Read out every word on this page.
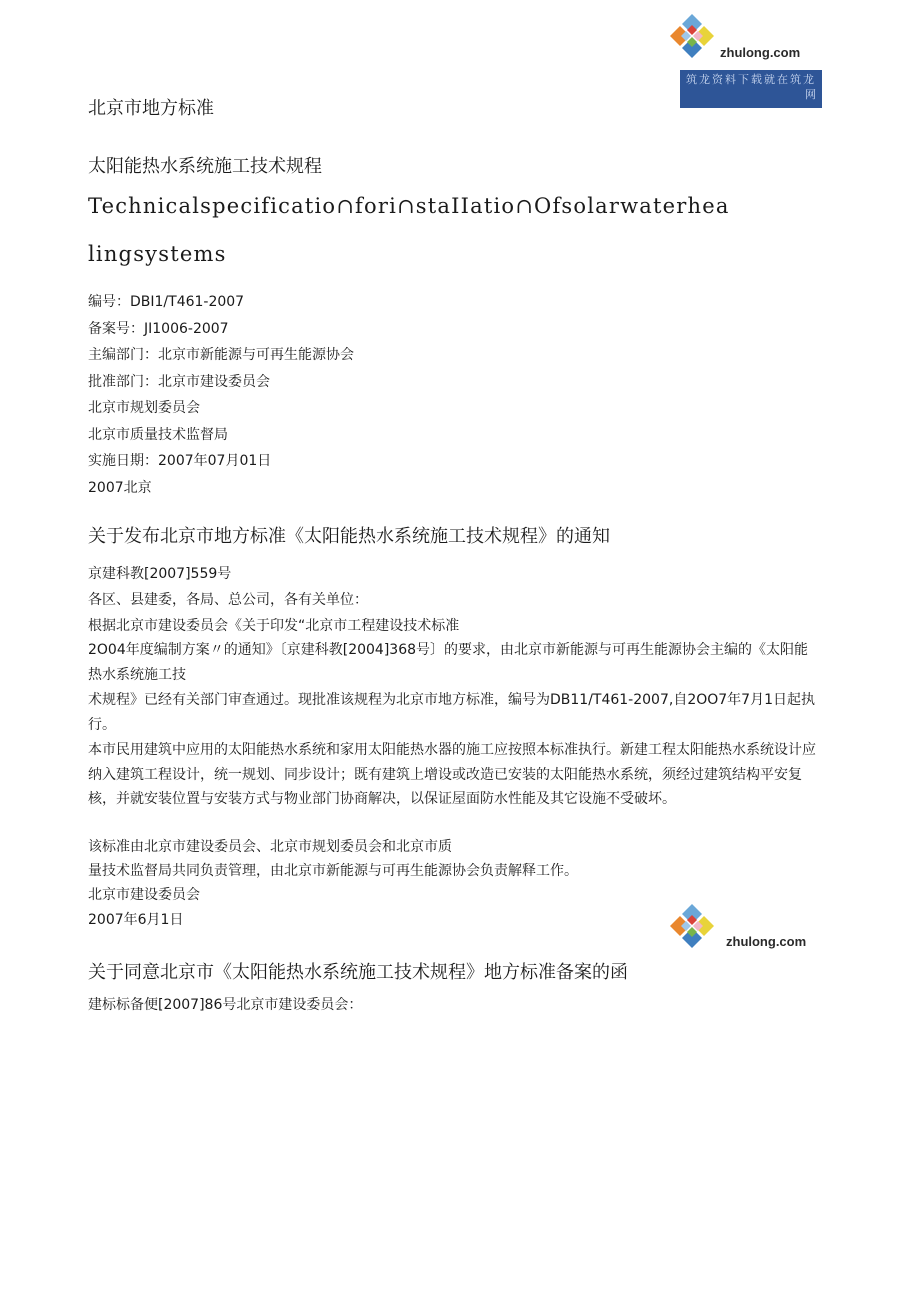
zhulong.com
筑龙资料下载就在筑龙
网
北京市地方标准
太阳能热水系统施工技术规程
Technicalspecificatio∩fori∩staIIatio∩Ofsolarwaterhea
lingsystems
编号：DBI1/T461-2007
备案号：JI1006-2007
主编部门：北京市新能源与可再生能源协会
批准部门：北京市建设委员会
北京市规划委员会
北京市质量技术监督局
实施日期：2007年07月01日
2007北京
关于发布北京市地方标准《太阳能热水系统施工技术规程》的通知
京建科教[2007]559号
各区、县建委，各局、总公司，各有关单位：
根据北京市建设委员会《关于印发“北京市工程建设技术标准
2O04年度编制方案〃的通知》〔京建科教[2004]368号〕的要求，由北京市新能源与可再生能源协会主编的《太阳能热水系统施工技
术规程》已经有关部门审查通过。现批准该规程为北京市地方标准，编号为DB11/T461-2007,自2OO7年7月1日起执行。
本市民用建筑中应用的太阳能热水系统和家用太阳能热水器的施工应按照本标准执行。新建工程太阳能热水系统设计应纳入建筑工程设计，统一规划、同步设计；既有建筑上增设或改造已安装的太阳能热水系统，须经过建筑结构平安复核，并就安装位置与安装方式与物业部门协商解决，以保证屋面防水性能及其它设施不受破坏。
该标准由北京市建设委员会、北京市规划委员会和北京市质
量技术监督局共同负责管理，由北京市新能源与可再生能源协会负责解释工作。
北京市建设委员会
2007年6月1日
zhulong.com
关于同意北京市《太阳能热水系统施工技术规程》地方标准备案的函
建标标备便[2007]86号北京市建设委员会：
